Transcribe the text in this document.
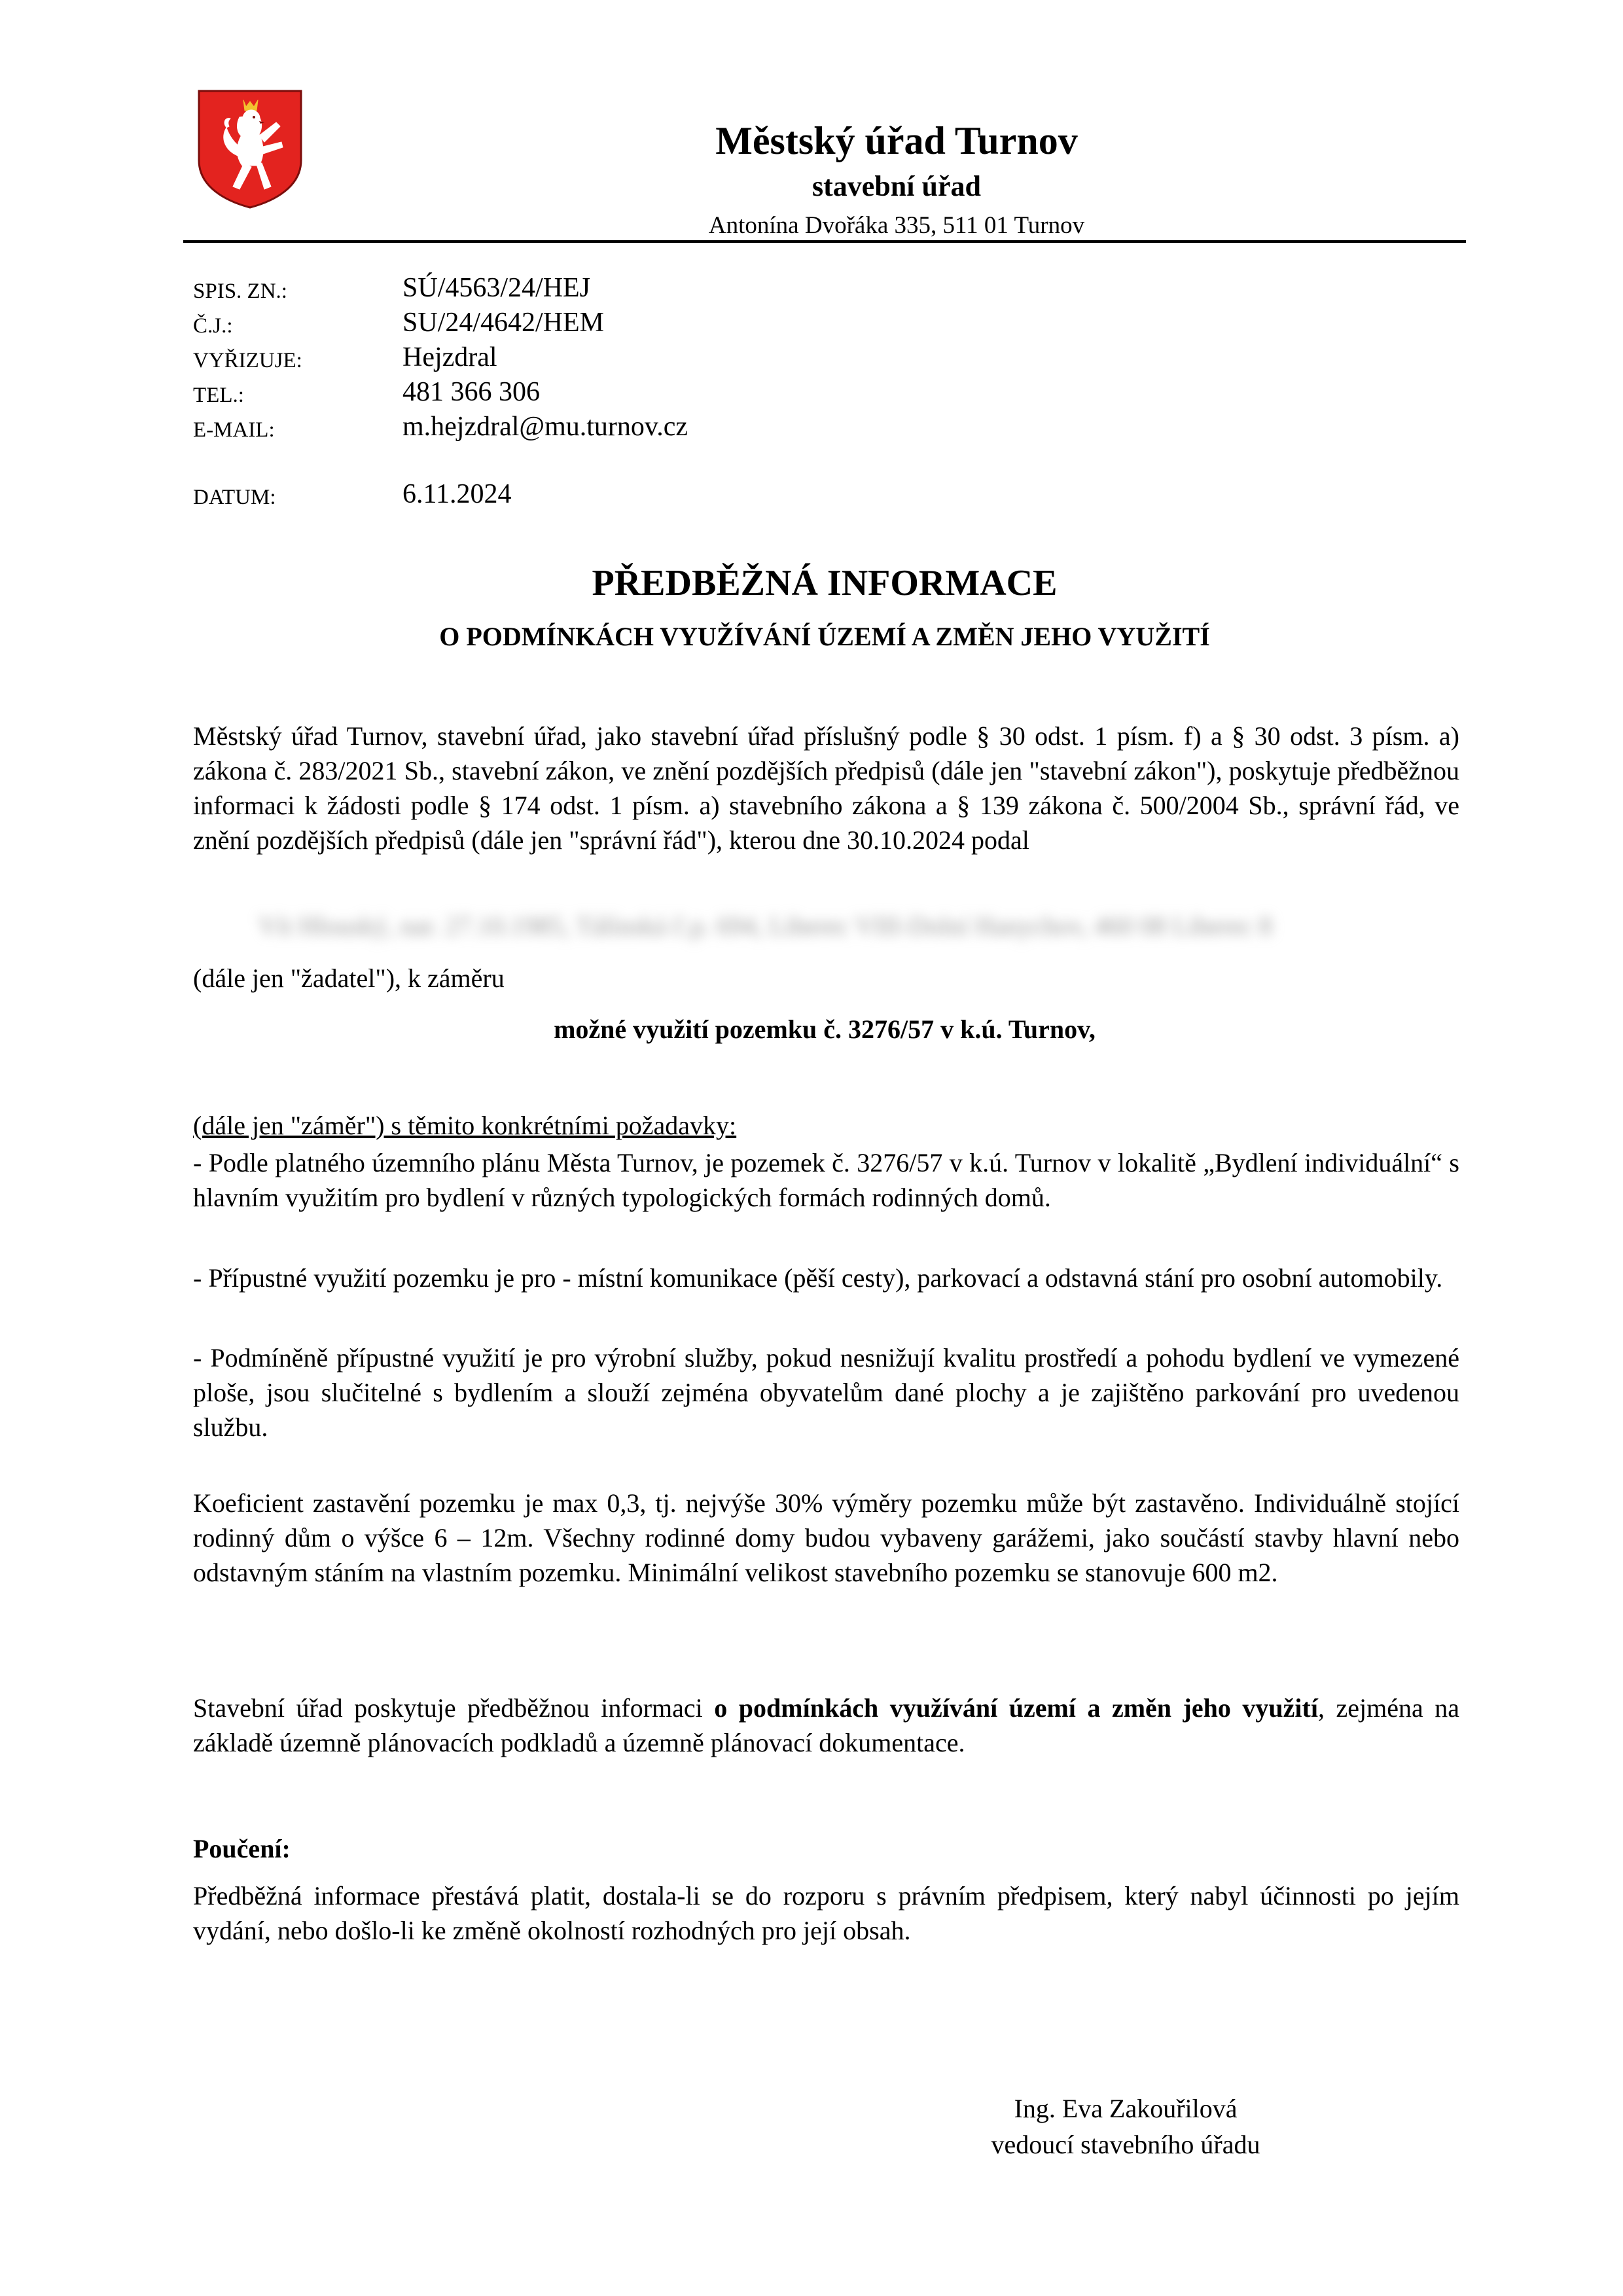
Městský úřad Turnov
stavební úřad
Antonína Dvořáka 335, 511 01 Turnov
SPIS. ZN.:	SÚ/4563/24/HEJ
Č.J.:	SU/24/4642/HEM
VYŘIZUJE:	Hejzdral
TEL.:	481 366 306
E-MAIL:	m.hejzdral@mu.turnov.cz
DATUM:	6.11.2024
PŘEDBĚŽNÁ INFORMACE
O PODMÍNKÁCH VYUŽÍVÁNÍ ÚZEMÍ A ZMĚN JEHO VYUŽITÍ
Městský úřad Turnov, stavební úřad, jako stavební úřad příslušný podle § 30 odst. 1 písm. f) a § 30 odst. 3 písm. a) zákona č. 283/2021 Sb., stavební zákon, ve znění pozdějších předpisů (dále jen "stavební zákon"), poskytuje předběžnou informaci k žádosti podle § 174 odst. 1 písm. a) stavebního zákona a § 139 zákona č. 500/2004 Sb., správní řád, ve znění pozdějších předpisů (dále jen "správní řád"), kterou dne 30.10.2024 podal
Vít Hlouský, nar. 27.10.1985, Tálínská č.p. 694, Liberec VIII-Dolní Hanychov, 460 08 Liberec 8
(dále jen "žadatel"), k záměru
možné využití pozemku č. 3276/57 v k.ú. Turnov,
(dále jen "záměr") s těmito konkrétními požadavky:
- Podle platného územního plánu Města Turnov, je pozemek č. 3276/57 v k.ú. Turnov v lokalitě „Bydlení individuální“ s hlavním využitím pro bydlení v různých typologických formách rodinných domů.
- Přípustné využití pozemku je pro - místní komunikace (pěší cesty), parkovací a odstavná stání pro osobní automobily.
- Podmíněně přípustné využití je pro výrobní služby, pokud nesnižují kvalitu prostředí a pohodu bydlení ve vymezené ploše, jsou slučitelné s bydlením a slouží zejména obyvatelům dané plochy a je zajištěno parkování pro uvedenou službu.
Koeficient zastavění pozemku je max 0,3, tj. nejvýše 30% výměry pozemku může být zastavěno. Individuálně stojící rodinný dům o výšce 6 – 12m. Všechny rodinné domy budou vybaveny garážemi, jako součástí stavby hlavní nebo odstavným stáním na vlastním pozemku. Minimální velikost stavebního pozemku se stanovuje 600 m2.
Stavební úřad poskytuje předběžnou informaci o podmínkách využívání území a změn jeho využití, zejména na základě územně plánovacích podkladů a územně plánovací dokumentace.
Poučení:
Předběžná informace přestává platit, dostala-li se do rozporu s právním předpisem, který nabyl účinnosti po jejím vydání, nebo došlo-li ke změně okolností rozhodných pro její obsah.
Ing. Eva Zakouřilová
vedoucí stavebního úřadu
